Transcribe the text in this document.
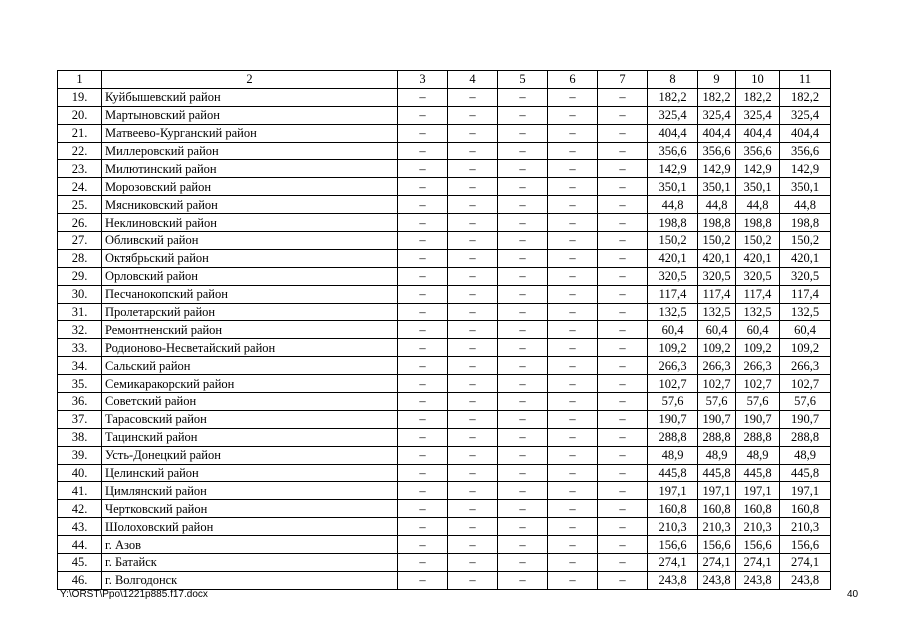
1	2	3	4	5	6	7	8	9	10	11
19.	Куйбышевский район	–	–	–	–	–	182,2	182,2	182,2	182,2
20.	Мартыновский район	–	–	–	–	–	325,4	325,4	325,4	325,4
21.	Матвеево-Курганский район	–	–	–	–	–	404,4	404,4	404,4	404,4
22.	Миллеровский район	–	–	–	–	–	356,6	356,6	356,6	356,6
23.	Милютинский район	–	–	–	–	–	142,9	142,9	142,9	142,9
24.	Морозовский район	–	–	–	–	–	350,1	350,1	350,1	350,1
25.	Мясниковский район	–	–	–	–	–	44,8	44,8	44,8	44,8
26.	Неклиновский район	–	–	–	–	–	198,8	198,8	198,8	198,8
27.	Обливский район	–	–	–	–	–	150,2	150,2	150,2	150,2
28.	Октябрьский район	–	–	–	–	–	420,1	420,1	420,1	420,1
29.	Орловский район	–	–	–	–	–	320,5	320,5	320,5	320,5
30.	Песчанокопский район	–	–	–	–	–	117,4	117,4	117,4	117,4
31.	Пролетарский район	–	–	–	–	–	132,5	132,5	132,5	132,5
32.	Ремонтненский район	–	–	–	–	–	60,4	60,4	60,4	60,4
33.	Родионово-Несветайский район	–	–	–	–	–	109,2	109,2	109,2	109,2
34.	Сальский район	–	–	–	–	–	266,3	266,3	266,3	266,3
35.	Семикаракорский район	–	–	–	–	–	102,7	102,7	102,7	102,7
36.	Советский район	–	–	–	–	–	57,6	57,6	57,6	57,6
37.	Тарасовский район	–	–	–	–	–	190,7	190,7	190,7	190,7
38.	Тацинский район	–	–	–	–	–	288,8	288,8	288,8	288,8
39.	Усть-Донецкий район	–	–	–	–	–	48,9	48,9	48,9	48,9
40.	Целинский район	–	–	–	–	–	445,8	445,8	445,8	445,8
41.	Цимлянский район	–	–	–	–	–	197,1	197,1	197,1	197,1
42.	Чертковский район	–	–	–	–	–	160,8	160,8	160,8	160,8
43.	Шолоховский район	–	–	–	–	–	210,3	210,3	210,3	210,3
44.	г. Азов	–	–	–	–	–	156,6	156,6	156,6	156,6
45.	г. Батайск	–	–	–	–	–	274,1	274,1	274,1	274,1
46.	г. Волгодонск	–	–	–	–	–	243,8	243,8	243,8	243,8
Y:\ORST\Ppo\1221p885.f17.docx	40
